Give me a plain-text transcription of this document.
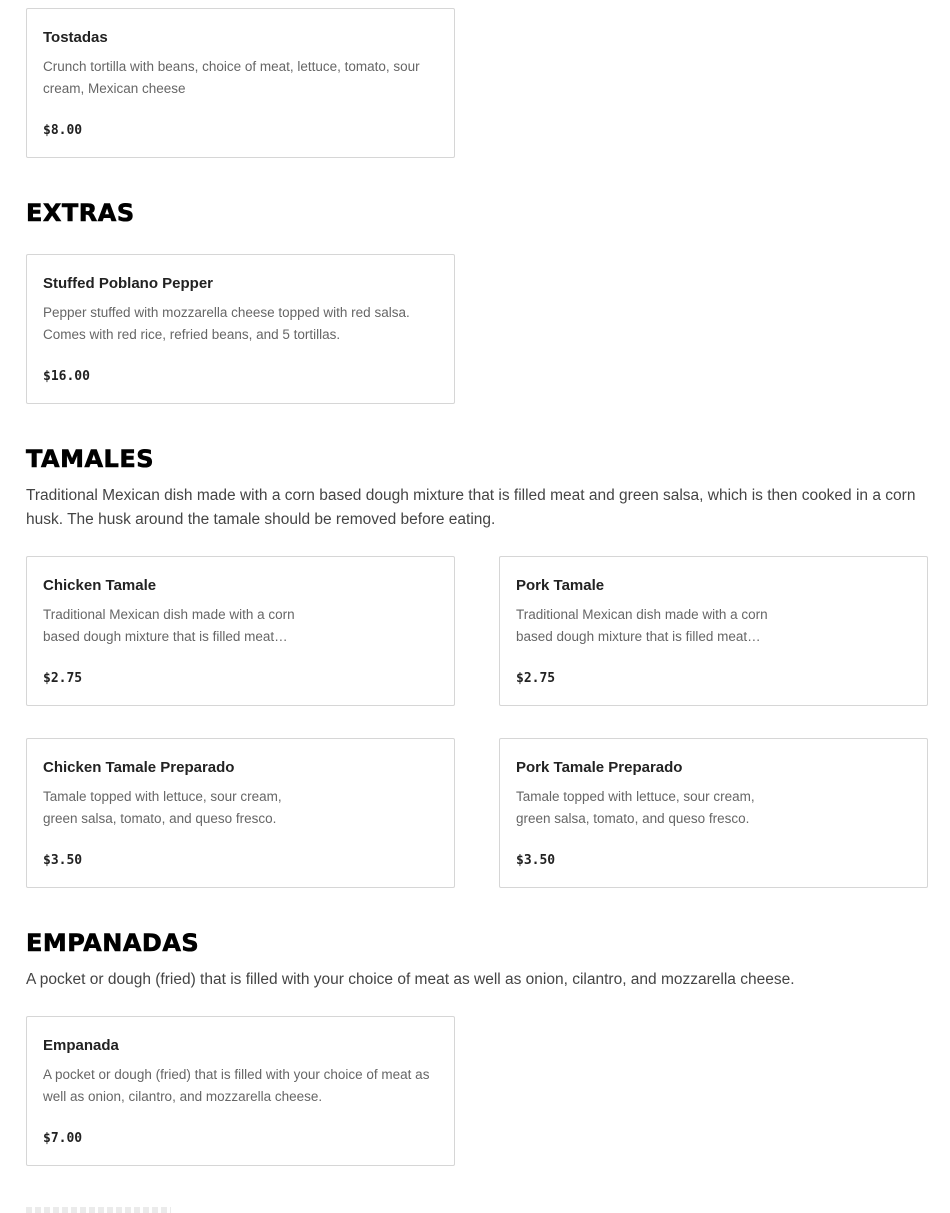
Tostadas
Crunch tortilla with beans, choice of meat, lettuce, tomato, sour cream, Mexican cheese
$8.00
EXTRAS
Stuffed Poblano Pepper
Pepper stuffed with mozzarella cheese topped with red salsa. Comes with red rice, refried beans, and 5 tortillas.
$16.00
TAMALES
Traditional Mexican dish made with a corn based dough mixture that is filled meat and green salsa, which is then cooked in a corn husk. The husk around the tamale should be removed before eating.
Chicken Tamale
Traditional Mexican dish made with a corn based dough mixture that is filled meat
$2.75
Pork Tamale
Traditional Mexican dish made with a corn based dough mixture that is filled meat
$2.75
Chicken Tamale Preparado
Tamale topped with lettuce, sour cream, green salsa, tomato, and queso fresco.
$3.50
Pork Tamale Preparado
Tamale topped with lettuce, sour cream, green salsa, tomato, and queso fresco.
$3.50
EMPANADAS
A pocket or dough (fried) that is filled with your choice of meat as well as onion, cilantro, and mozzarella cheese.
Empanada
A pocket or dough (fried) that is filled with your choice of meat as well as onion, cilantro, and mozzarella cheese.
$7.00
